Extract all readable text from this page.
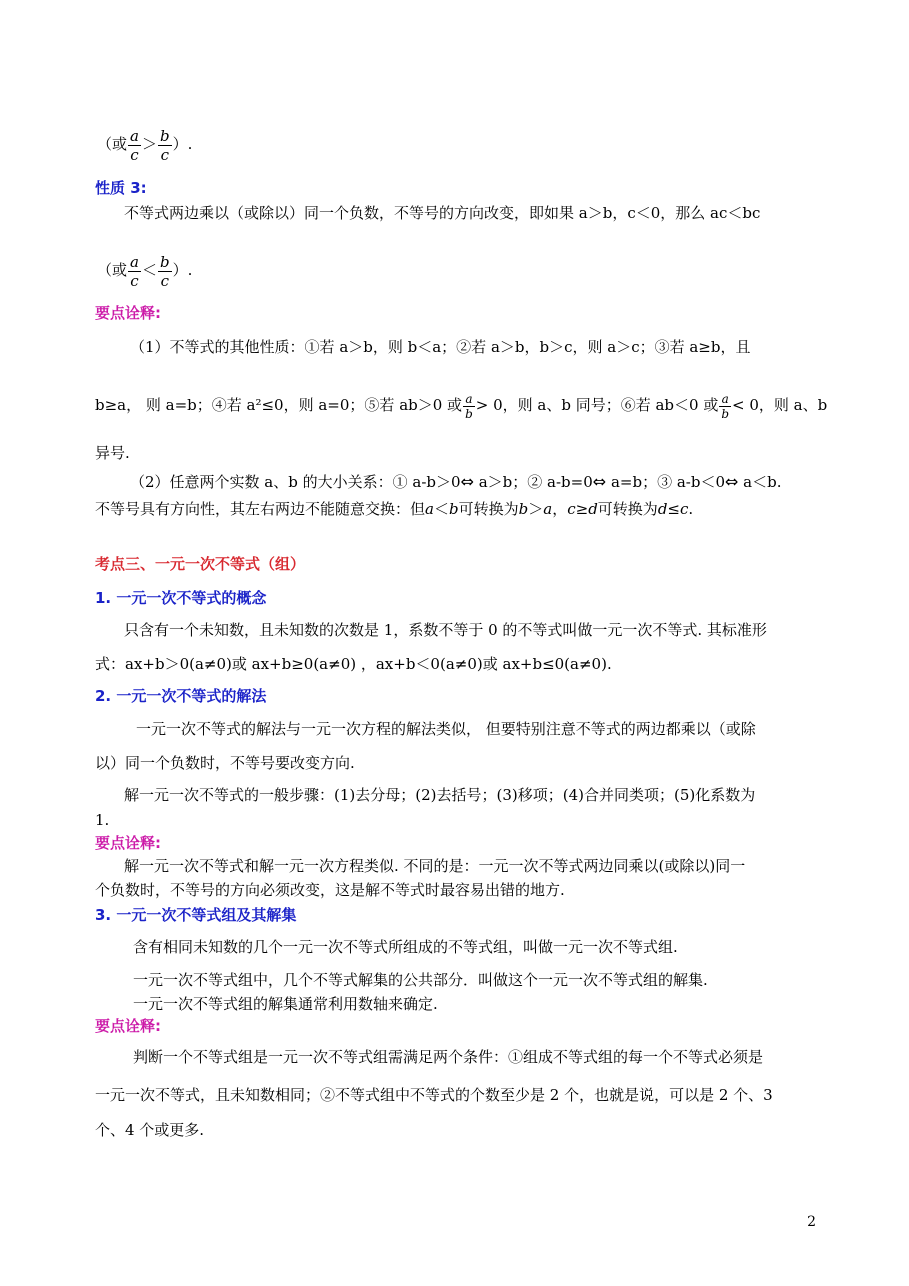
（或 $\frac{a}{c} > \frac{b}{c}$ ）.
性质 3:
不等式两边乘以（或除以）同一个负数，不等号的方向改变，即如果 a＞b，c＜0，那么 ac＜bc
（或 $\frac{a}{c} < \frac{b}{c}$ ）.
要点诠释:
（1）不等式的其他性质：①若 a＞b，则 b＜a；②若 a＞b，b＞c，则 a＞c；③若 a≥b，且
b≥a， 则 a=b；④若 a²≤0，则 a=0；⑤若 ab＞0 或 $\frac{a}{b} > 0$，则 a、b 同号；⑥若 ab＜0 或 $\frac{a}{b} < 0$，则 a、b
异号.
（2）任意两个实数 a、b 的大小关系：① a-b＞0⇔ a＞b；② a-b=0⇔ a=b；③ a-b＜0⇔ a＜b.
不等号具有方向性，其左右两边不能随意交换：但a＜b可转换为b＞a，c≥d可转换为d≤c.
考点三、一元一次不等式（组）
1. 一元一次不等式的概念
只含有一个未知数，且未知数的次数是 1，系数不等于 0 的不等式叫做一元一次不等式. 其标准形
式：ax+b＞0(a≠0)或 ax+b≥0(a≠0) ，ax+b＜0(a≠0)或 ax+b≤0(a≠0).
2. 一元一次不等式的解法
一元一次不等式的解法与一元一次方程的解法类似， 但要特别注意不等式的两边都乘以（或除
以）同一个负数时，不等号要改变方向.
解一元一次不等式的一般步骤：(1)去分母；(2)去括号；(3)移项；(4)合并同类项；(5)化系数为
1.
要点诠释:
解一元一次不等式和解一元一次方程类似. 不同的是：一元一次不等式两边同乘以(或除以)同一
个负数时，不等号的方向必须改变，这是解不等式时最容易出错的地方.
3. 一元一次不等式组及其解集
含有相同未知数的几个一元一次不等式所组成的不等式组，叫做一元一次不等式组.
一元一次不等式组中，几个不等式解集的公共部分．叫做这个一元一次不等式组的解集.
一元一次不等式组的解集通常利用数轴来确定.
要点诠释:
判断一个不等式组是一元一次不等式组需满足两个条件：①组成不等式组的每一个不等式必须是
一元一次不等式，且未知数相同；②不等式组中不等式的个数至少是 2 个，也就是说，可以是 2 个、3
个、4 个或更多.
2
